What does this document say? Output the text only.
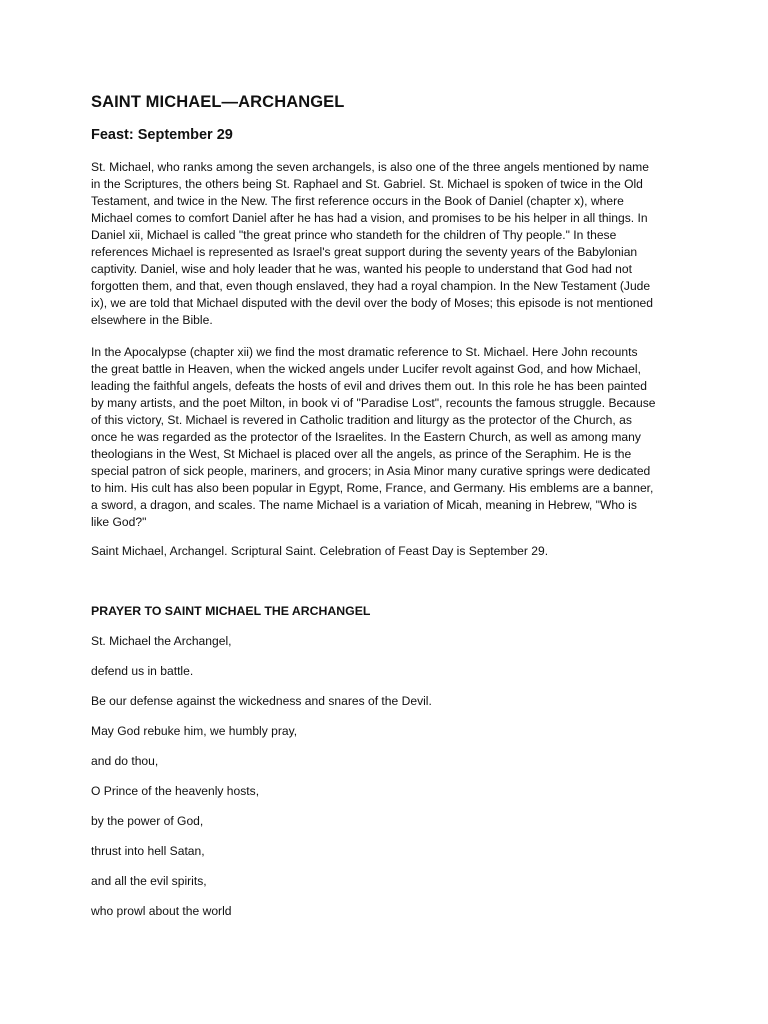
SAINT MICHAEL—ARCHANGEL
Feast: September 29

St. Michael, who ranks among the seven archangels, is also one of the three angels mentioned by name
in the Scriptures, the others being St. Raphael and St. Gabriel. St. Michael is spoken of twice in the Old
Testament, and twice in the New. The first reference occurs in the Book of Daniel (chapter x), where
Michael comes to comfort Daniel after he has had a vision, and promises to be his helper in all things. In
Daniel xii, Michael is called "the great prince who standeth for the children of Thy people." In these
references Michael is represented as Israel's great support during the seventy years of the Babylonian
captivity. Daniel, wise and holy leader that he was, wanted his people to understand that God had not
forgotten them, and that, even though enslaved, they had a royal champion. In the New Testament (Jude
ix), we are told that Michael disputed with the devil over the body of Moses; this episode is not mentioned
elsewhere in the Bible.

In the Apocalypse (chapter xii) we find the most dramatic reference to St. Michael. Here John recounts
the great battle in Heaven, when the wicked angels under Lucifer revolt against God, and how Michael,
leading the faithful angels, defeats the hosts of evil and drives them out. In this role he has been painted
by many artists, and the poet Milton, in book vi of "Paradise Lost", recounts the famous struggle. Because
of this victory, St. Michael is revered in Catholic tradition and liturgy as the protector of the Church, as
once he was regarded as the protector of the Israelites. In the Eastern Church, as well as among many
theologians in the West, St Michael is placed over all the angels, as prince of the Seraphim. He is the
special patron of sick people, mariners, and grocers; in Asia Minor many curative springs were dedicated
to him. His cult has also been popular in Egypt, Rome, France, and Germany. His emblems are a banner,
a sword, a dragon, and scales. The name Michael is a variation of Micah, meaning in Hebrew, "Who is
like God?"

Saint Michael, Archangel. Scriptural Saint. Celebration of Feast Day is September 29.

PRAYER TO SAINT MICHAEL THE ARCHANGEL
St. Michael the Archangel,
defend us in battle.
Be our defense against the wickedness and snares of the Devil.
May God rebuke him, we humbly pray,
and do thou,
O Prince of the heavenly hosts,
by the power of God,
thrust into hell Satan,
and all the evil spirits,
who prowl about the world
